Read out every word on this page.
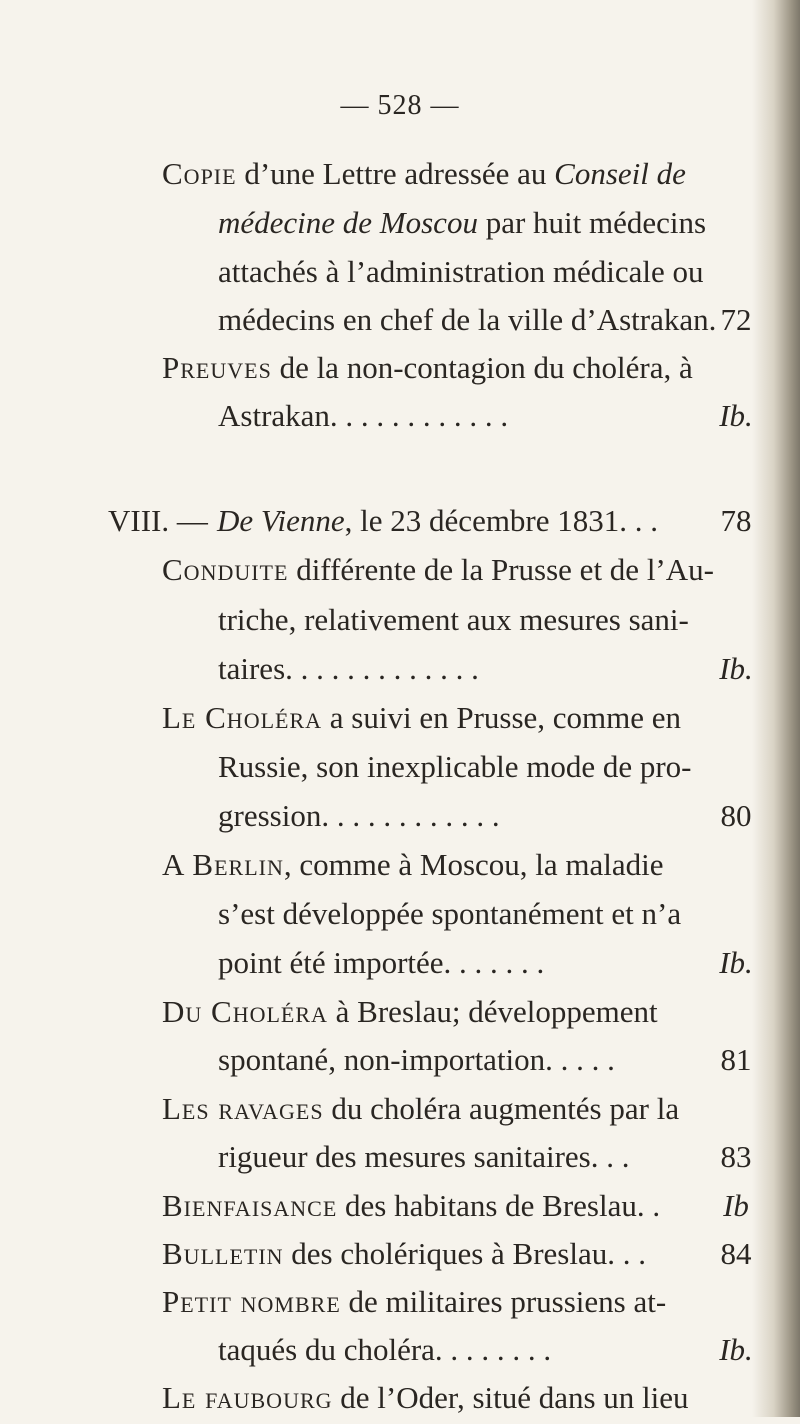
— 528 —
Copie d’une Lettre adressée au Conseil de
médecine de Moscou par huit médecins
attachés à l’administration médicale ou
médecins en chef de la ville d’Astrakan. 72
Preuves de la non-contagion du choléra, à
Astrakan. . . . . . . . . . . .	Ib.
VIII. — De Vienne, le 23 décembre 1831. . .	78
Conduite différente de la Prusse et de l’Au-
triche, relativement aux mesures sani-
taires. . . . . . . . . . . . .	Ib.
Le Choléra a suivi en Prusse, comme en
Russie, son inexplicable mode de pro-
gression. . . . . . . . . . . .	80
A Berlin, comme à Moscou, la maladie
s’est développée spontanément et n’a
point été importée. . . . . . .	Ib.
Du Choléra à Breslau; développement
spontané, non-importation. . . . .	81
Les ravages du choléra augmentés par la
rigueur des mesures sanitaires. . .	83
Bienfaisance des habitans de Breslau. .	Ib
Bulletin des cholériques à Breslau. . .	84
Petit nombre de militaires prussiens at-
taqués du choléra. . . . . . . .	Ib.
Le faubourg de l’Oder, situé dans un lieu
